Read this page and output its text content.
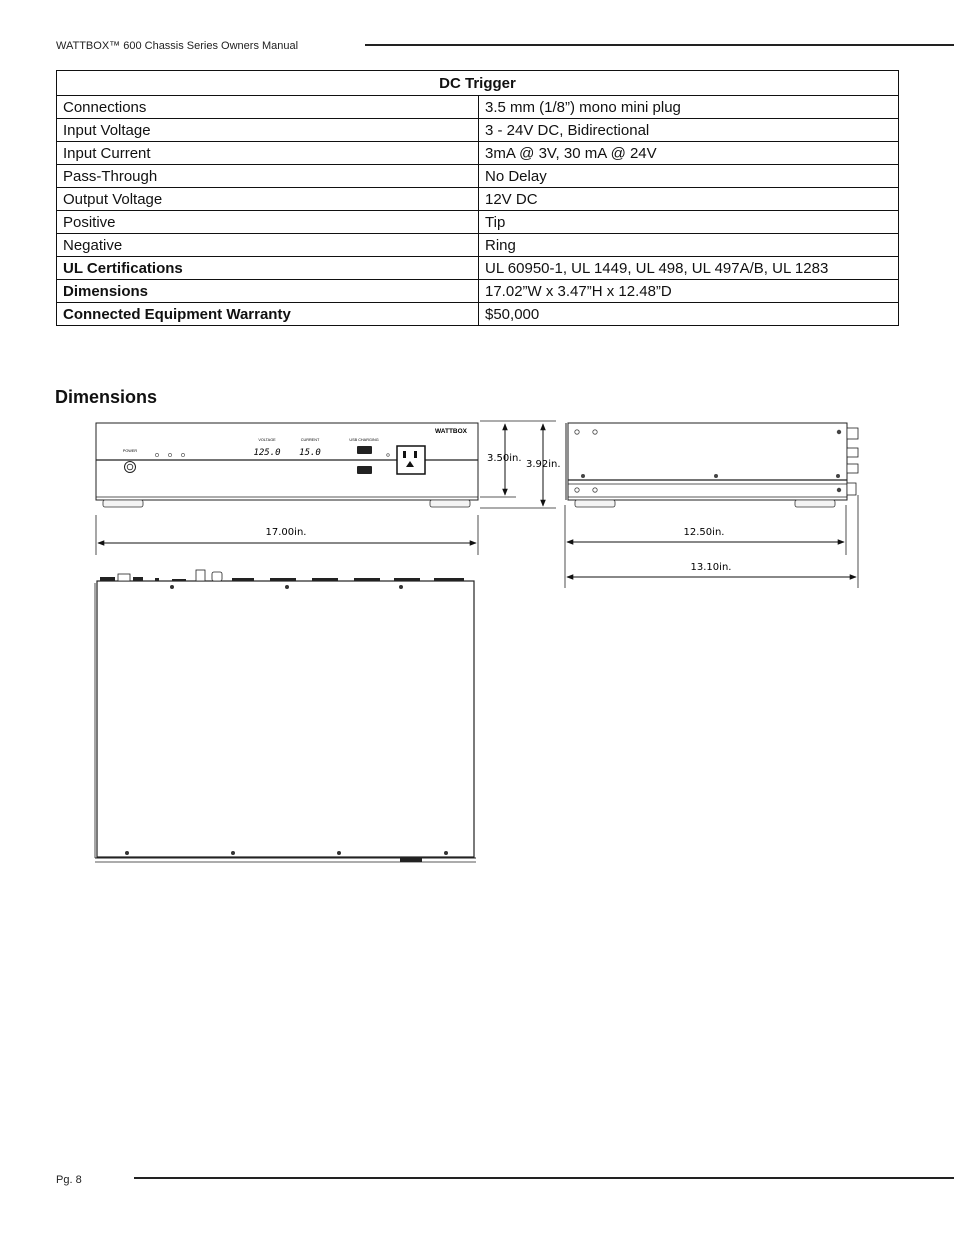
WATTBOX™ 600 Chassis Series Owners Manual
DC Trigger	
Connections	3.5 mm (1/8”) mono mini plug
Input Voltage	3 - 24V DC, Bidirectional
Input Current	3mA @ 3V, 30 mA @ 24V
Pass-Through	No Delay
Output Voltage	12V DC
Positive	Tip
Negative	Ring
UL Certifications	UL 60950-1, UL 1449, UL 498, UL 497A/B, UL 1283
Dimensions	17.02”W x 3.47”H x 12.48”D
Connected Equipment Warranty	$50,000
Dimensions
WATTBOX
POWER
VOLTAGE	CURRENT	USB CHARGING
125.0 15.0	3.50in.
3.92in.
17.00in.	12.50in.
13.10in.
Pg. 8
